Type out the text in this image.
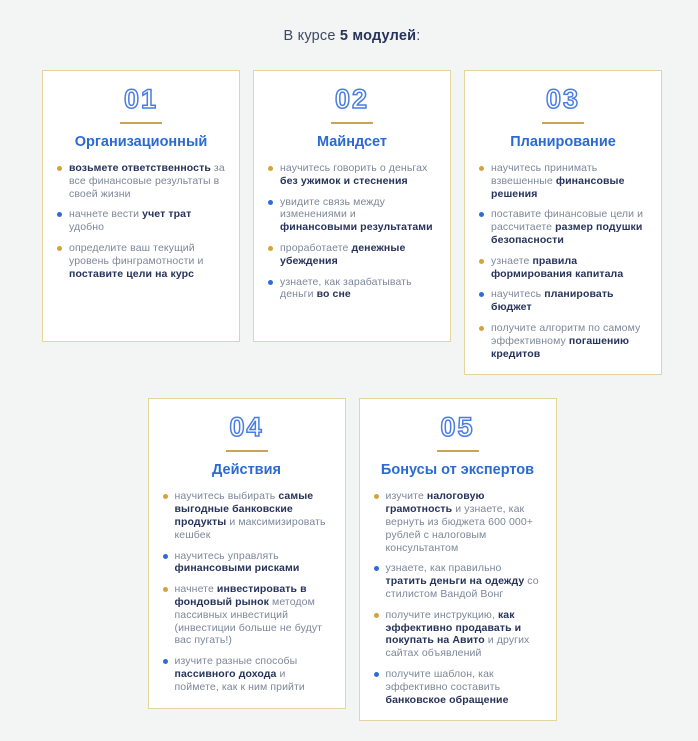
В курсе 5 модулей:
01
Организационный
возьмете ответственность за все финансовые результаты в своей жизни
начнете вести учет трат удобно
определите ваш текущий уровень финграмотности и поставите цели на курс
02
Майндсет
научитесь говорить о деньгах без ужимок и стеснения
увидите связь между изменениями и финансовыми результатами
проработаете денежные убеждения
узнаете, как зарабатывать деньги во сне
03
Планирование
научитесь принимать взвешенные финансовые решения
поставите финансовые цели и рассчитаете размер подушки безопасности
узнаете правила формирования капитала
научитесь планировать бюджет
получите алгоритм по самому эффективному погашению кредитов
04
Действия
научитесь выбирать самые выгодные банковские продукты и максимизировать кешбек
научитесь управлять финансовыми рисками
начнете инвестировать в фондовый рынок методом пассивных инвестиций (инвестиции больше не будут вас пугать!)
изучите разные способы пассивного дохода и поймете, как к ним прийти
05
Бонусы от экспертов
изучите налоговую грамотность и узнаете, как вернуть из бюджета 600 000+ рублей с налоговым консультантом
узнаете, как правильно тратить деньги на одежду со стилистом Вандой Вонг
получите инструкцию, как эффективно продавать и покупать на Авито и других сайтах объявлений
получите шаблон, как эффективно составить банковское обращение
